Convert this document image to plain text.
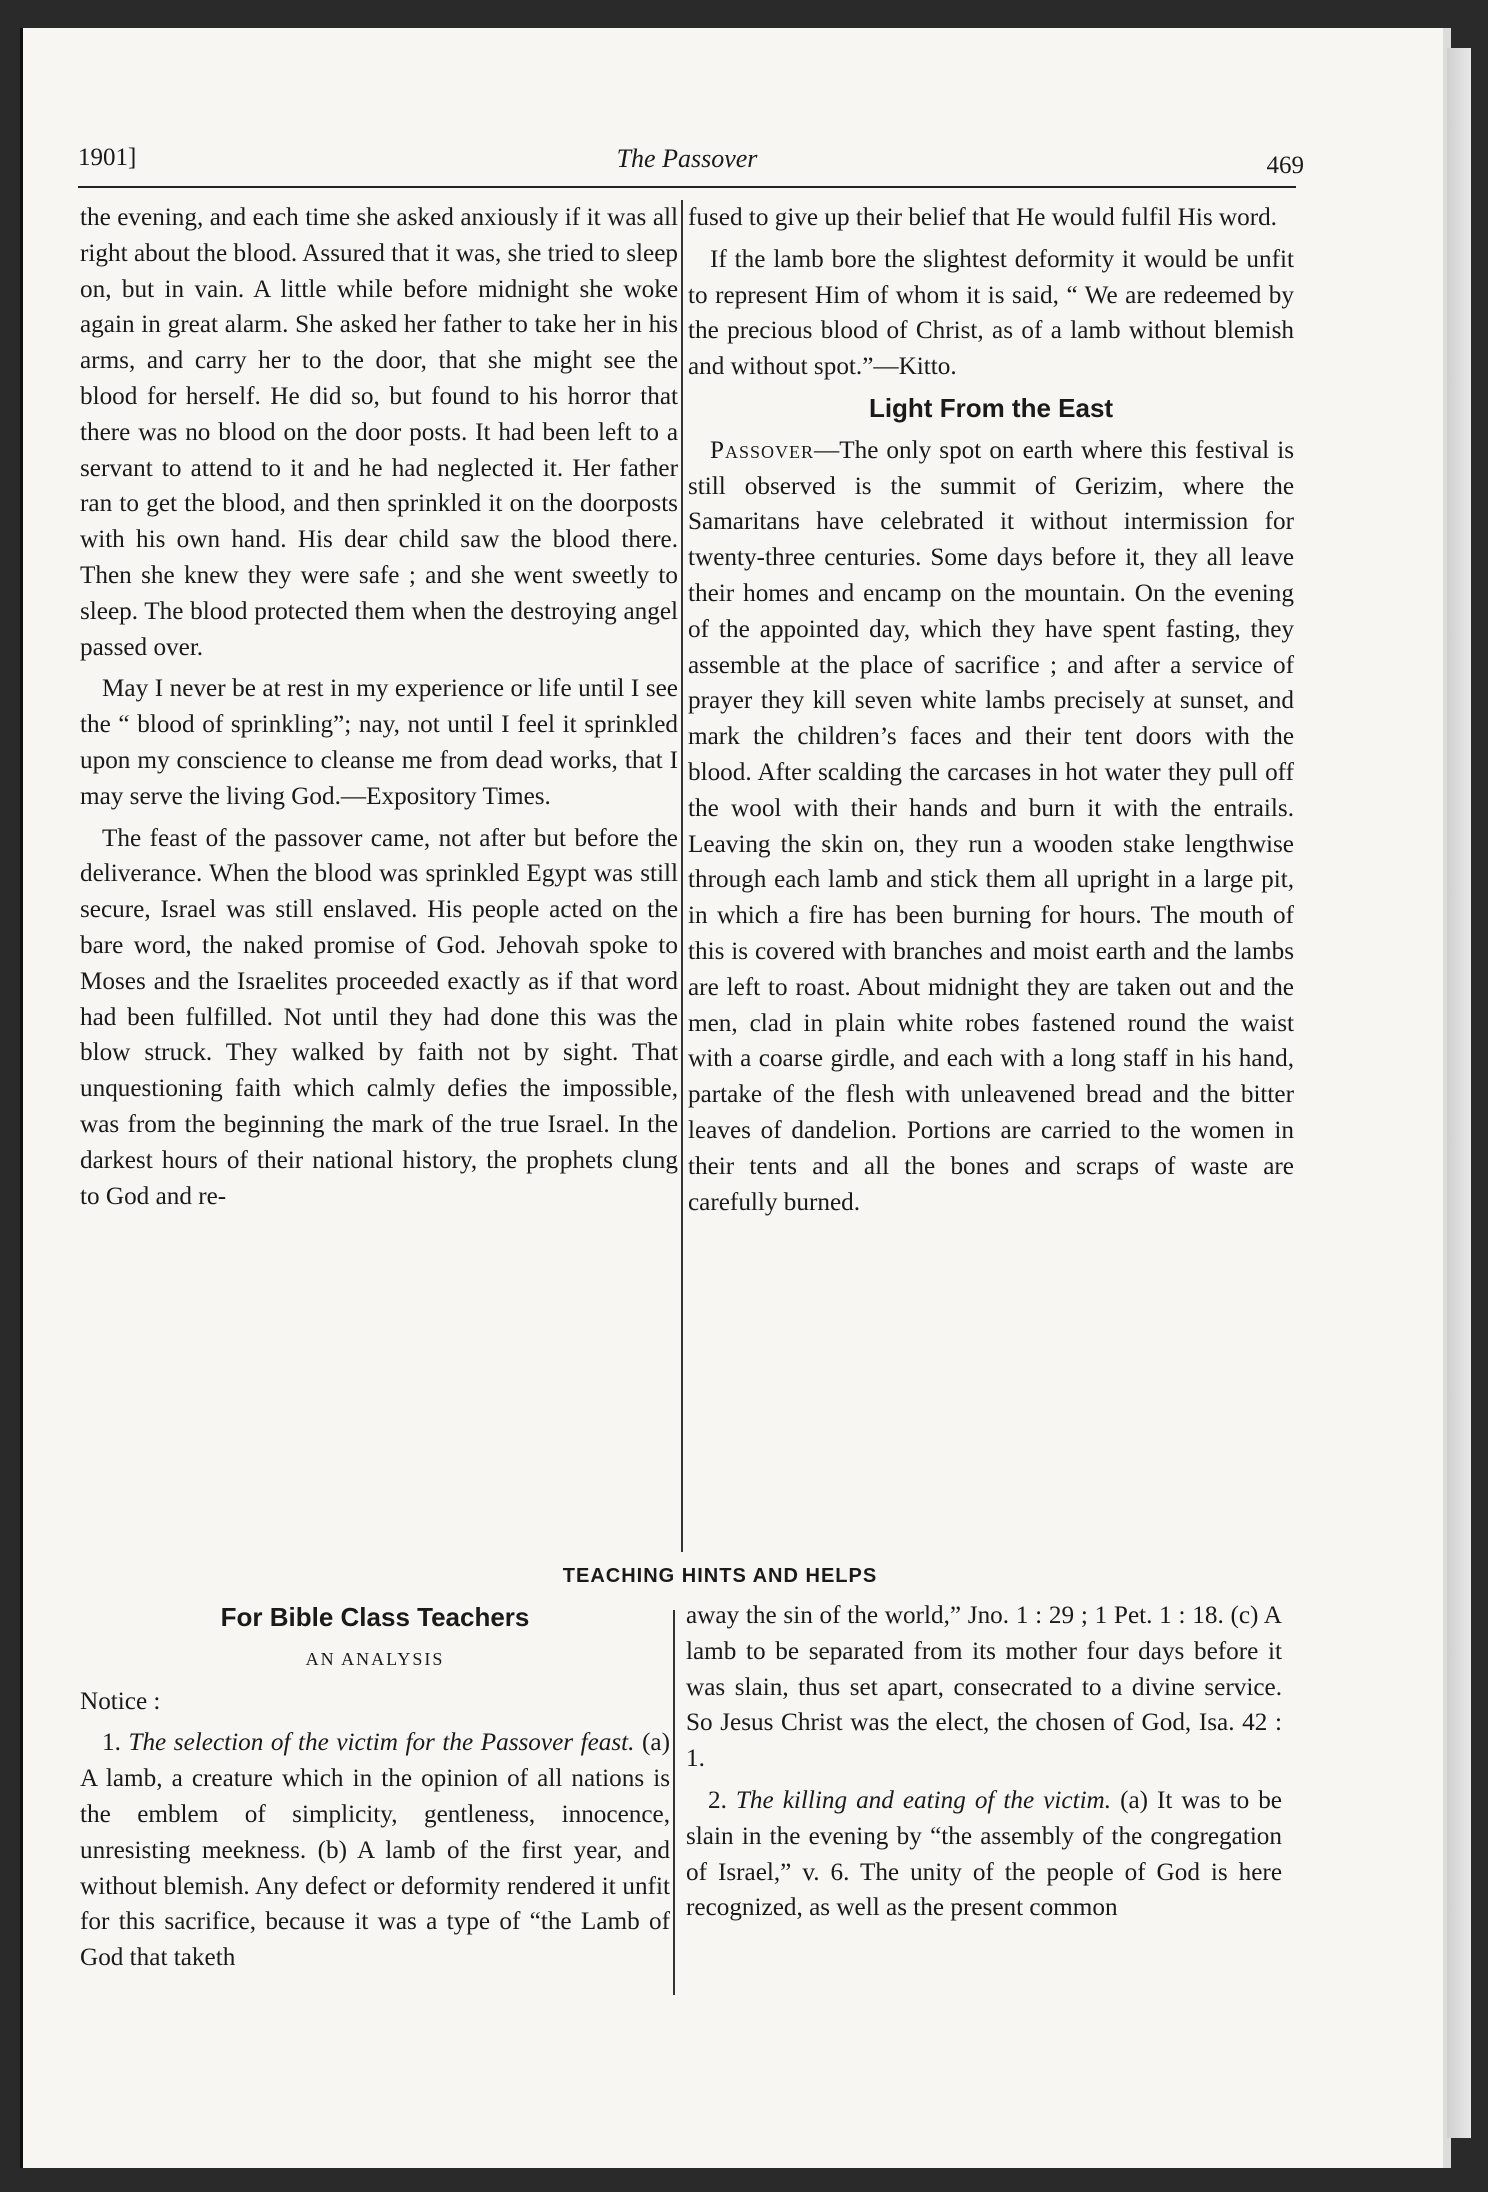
1901]	The Passover	469

the evening, and each time she asked anxiously if it was all right about the blood. Assured that it was, she tried to sleep on, but in vain. A little while before midnight she woke again in great alarm. She asked her father to take her in his arms, and carry her to the door, that she might see the blood for herself. He did so, but found to his horror that there was no blood on the door posts. It had been left to a servant to attend to it and he had neglected it. Her father ran to get the blood, and then sprinkled it on the doorposts with his own hand. His dear child saw the blood there. Then she knew they were safe ; and she went sweetly to sleep. The blood protected them when the destroying angel passed over.

May I never be at rest in my experience or life until I see the “ blood of sprinkling”; nay, not until I feel it sprinkled upon my conscience to cleanse me from dead works, that I may serve the living God.—Expository Times.

The feast of the passover came, not after but before the deliverance. When the blood was sprinkled Egypt was still secure, Israel was still enslaved. His people acted on the bare word, the naked promise of God. Jehovah spoke to Moses and the Israelites proceeded exactly as if that word had been fulfilled. Not until they had done this was the blow struck. They walked by faith not by sight. That unquestioning faith which calmly defies the impossible, was from the beginning the mark of the true Israel. In the darkest hours of their national history, the prophets clung to God and re-

fused to give up their belief that He would fulfil His word.

If the lamb bore the slightest deformity it would be unfit to represent Him of whom it is said, “ We are redeemed by the precious blood of Christ, as of a lamb without blemish and without spot.”—Kitto.

Light From the East

Passover—The only spot on earth where this festival is still observed is the summit of Gerizim, where the Samaritans have celebrated it without intermission for twenty-three centuries. Some days before it, they all leave their homes and encamp on the mountain. On the evening of the appointed day, which they have spent fasting, they assemble at the place of sacrifice ; and after a service of prayer they kill seven white lambs precisely at sunset, and mark the children’s faces and their tent doors with the blood. After scalding the carcases in hot water they pull off the wool with their hands and burn it with the entrails. Leaving the skin on, they run a wooden stake lengthwise through each lamb and stick them all upright in a large pit, in which a fire has been burning for hours. The mouth of this is covered with branches and moist earth and the lambs are left to roast. About midnight they are taken out and the men, clad in plain white robes fastened round the waist with a coarse girdle, and each with a long staff in his hand, partake of the flesh with unleavened bread and the bitter leaves of dandelion. Portions are carried to the women in their tents and all the bones and scraps of waste are carefully burned.

TEACHING HINTS AND HELPS
For Bible Class Teachers
AN ANALYSIS

Notice :

1. The selection of the victim for the Passover feast. (a) A lamb, a creature which in the opinion of all nations is the emblem of simplicity, gentleness, innocence, unresisting meekness. (b) A lamb of the first year, and without blemish. Any defect or deformity rendered it unfit for this sacrifice, because it was a type of “the Lamb of God that taketh

away the sin of the world,” Jno. 1 : 29 ; 1 Pet. 1 : 18. (c) A lamb to be separated from its mother four days before it was slain, thus set apart, consecrated to a divine service. So Jesus Christ was the elect, the chosen of God, Isa. 42 : 1.

2. The killing and eating of the victim. (a) It was to be slain in the evening by “the assembly of the congregation of Israel,” v. 6. The unity of the people of God is here recognized, as well as the present common
